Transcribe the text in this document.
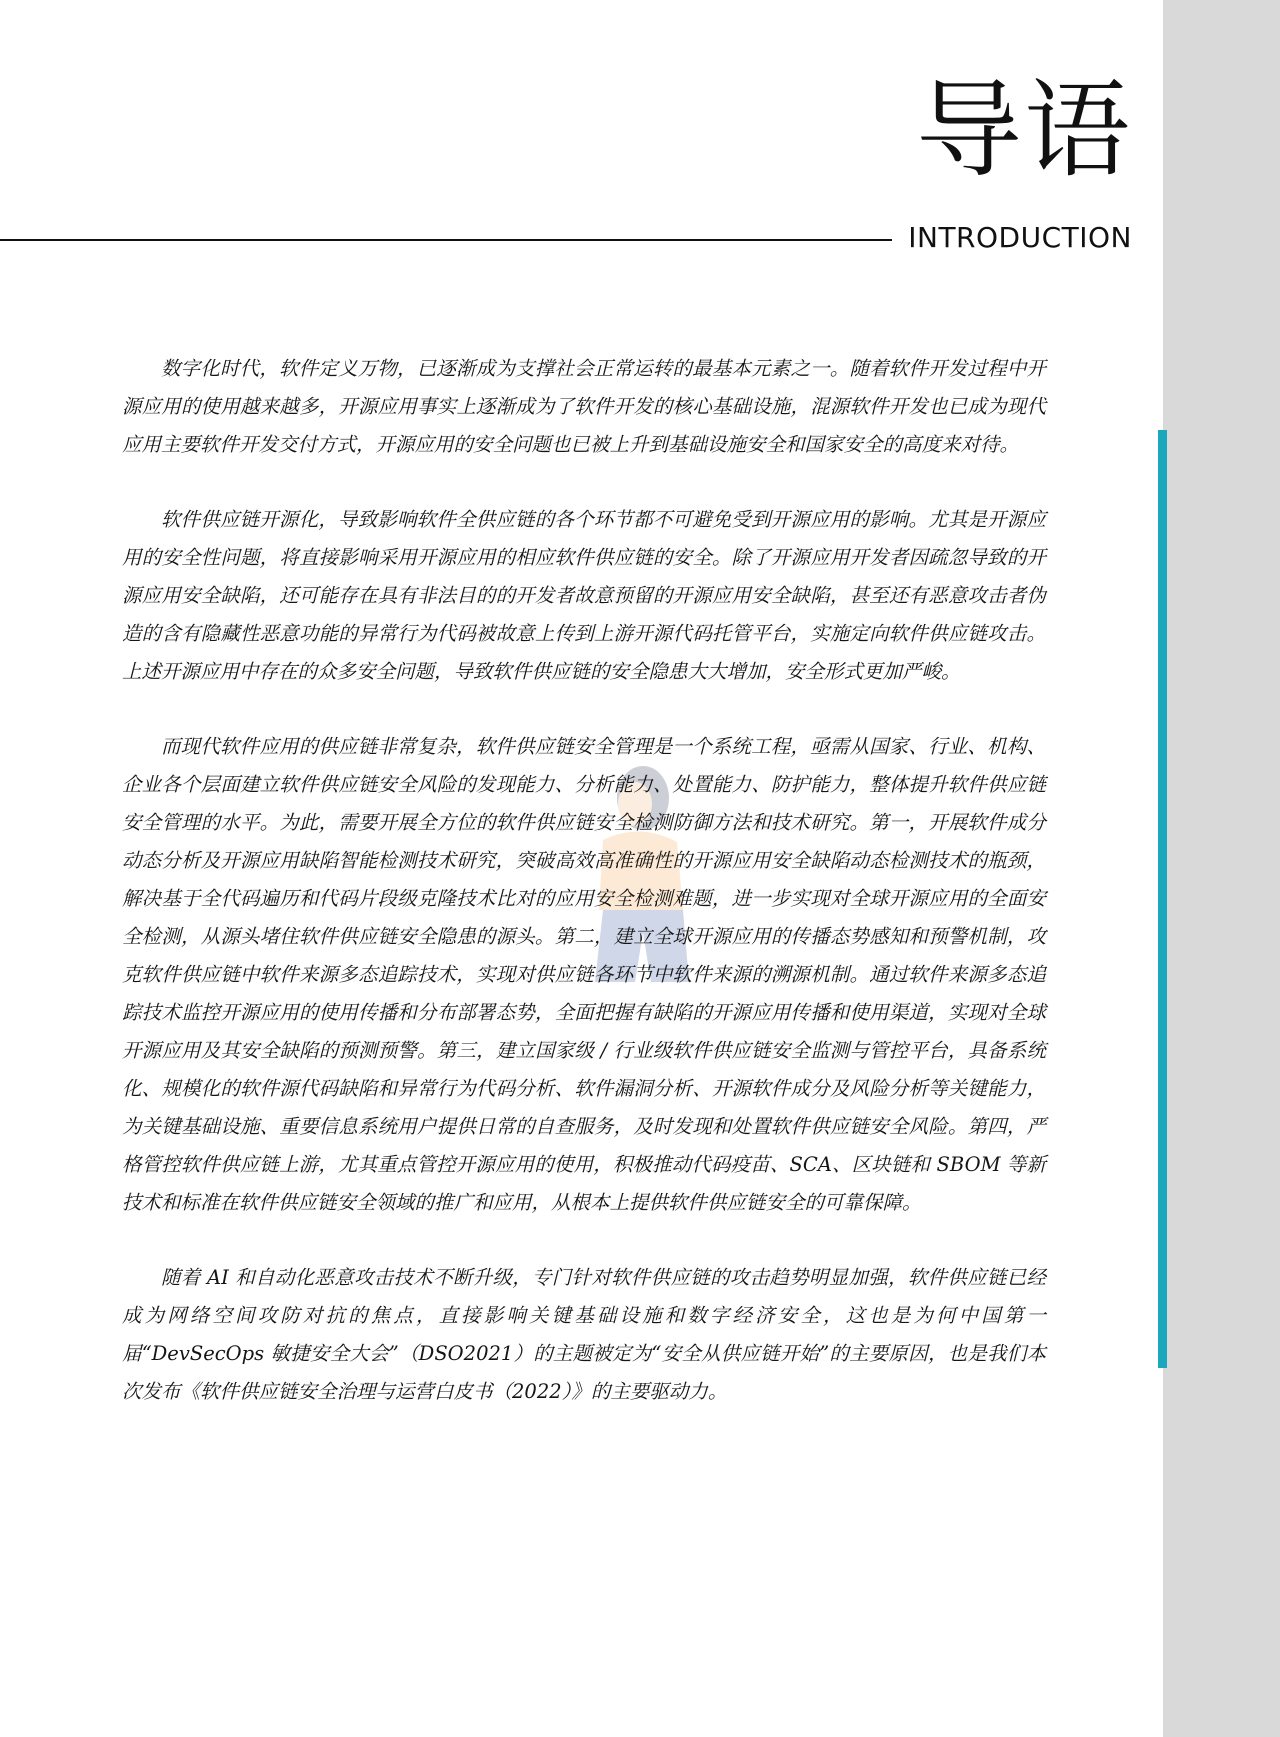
导语
INTRODUCTION

数字化时代，软件定义万物，已逐渐成为支撑社会正常运转的最基本元素之一。随着软件开发过程中开源应用的使用越来越多，开源应用事实上逐渐成为了软件开发的核心基础设施，混源软件开发也已成为现代应用主要软件开发交付方式，开源应用的安全问题也已被上升到基础设施安全和国家安全的高度来对待。

软件供应链开源化，导致影响软件全供应链的各个环节都不可避免受到开源应用的影响。尤其是开源应用的安全性问题，将直接影响采用开源应用的相应软件供应链的安全。除了开源应用开发者因疏忽导致的开源应用安全缺陷，还可能存在具有非法目的的开发者故意预留的开源应用安全缺陷，甚至还有恶意攻击者伪造的含有隐藏性恶意功能的异常行为代码被故意上传到上游开源代码托管平台，实施定向软件供应链攻击。上述开源应用中存在的众多安全问题，导致软件供应链的安全隐患大大增加，安全形式更加严峻。

而现代软件应用的供应链非常复杂，软件供应链安全管理是一个系统工程，亟需从国家、行业、机构、企业各个层面建立软件供应链安全风险的发现能力、分析能力、处置能力、防护能力，整体提升软件供应链安全管理的水平。为此，需要开展全方位的软件供应链安全检测防御方法和技术研究。第一，开展软件成分动态分析及开源应用缺陷智能检测技术研究，突破高效高准确性的开源应用安全缺陷动态检测技术的瓶颈，解决基于全代码遍历和代码片段级克隆技术比对的应用安全检测难题，进一步实现对全球开源应用的全面安全检测，从源头堵住软件供应链安全隐患的源头。第二，建立全球开源应用的传播态势感知和预警机制，攻克软件供应链中软件来源多态追踪技术，实现对供应链各环节中软件来源的溯源机制。通过软件来源多态追踪技术监控开源应用的使用传播和分布部署态势，全面把握有缺陷的开源应用传播和使用渠道，实现对全球开源应用及其安全缺陷的预测预警。第三，建立国家级 / 行业级软件供应链安全监测与管控平台，具备系统化、规模化的软件源代码缺陷和异常行为代码分析、软件漏洞分析、开源软件成分及风险分析等关键能力，为关键基础设施、重要信息系统用户提供日常的自查服务，及时发现和处置软件供应链安全风险。第四，严格管控软件供应链上游，尤其重点管控开源应用的使用，积极推动代码疫苗、SCA、区块链和 SBOM 等新技术和标准在软件供应链安全领域的推广和应用，从根本上提供软件供应链安全的可靠保障。

随着 AI 和自动化恶意攻击技术不断升级，专门针对软件供应链的攻击趋势明显加强，软件供应链已经成为网络空间攻防对抗的焦点，直接影响关键基础设施和数字经济安全，这也是为何中国第一届“DevSecOps 敏捷安全大会”（DSO2021）的主题被定为“安全从供应链开始”的主要原因，也是我们本次发布《软件供应链安全治理与运营白皮书（2022）》的主要驱动力。
